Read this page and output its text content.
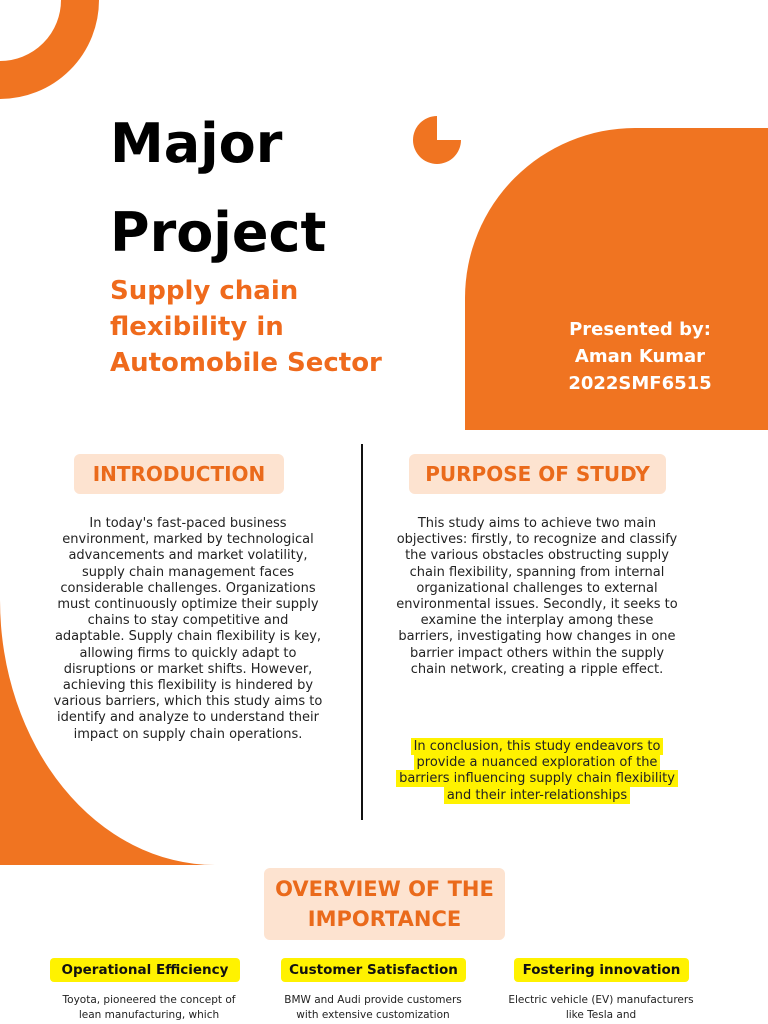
Major
Project
Supply chain
flexibility in
Automobile Sector
Presented by:
Aman Kumar
2022SMF6515
INTRODUCTION

In today's fast-paced business environment, marked by technological advancements and market volatility, supply chain management faces considerable challenges. Organizations must continuously optimize their supply chains to stay competitive and adaptable. Supply chain flexibility is key, allowing firms to quickly adapt to disruptions or market shifts. However, achieving this flexibility is hindered by various barriers, which this study aims to identify and analyze to understand their impact on supply chain operations.

PURPOSE OF STUDY

This study aims to achieve two main objectives: firstly, to recognize and classify the various obstacles obstructing supply chain flexibility, spanning from internal organizational challenges to external environmental issues. Secondly, it seeks to examine the interplay among these barriers, investigating how changes in one barrier impact others within the supply chain network, creating a ripple effect.

In conclusion, this study endeavors to provide a nuanced exploration of the barriers influencing supply chain flexibility and their inter-relationships

OVERVIEW OF THE
IMPORTANCE
Operational Efficiency	Customer Satisfaction	Fostering innovation

Toyota, pioneered the concept of lean manufacturing, which

BMW and Audi provide customers with extensive customization

Electric vehicle (EV) manufacturers like Tesla and
